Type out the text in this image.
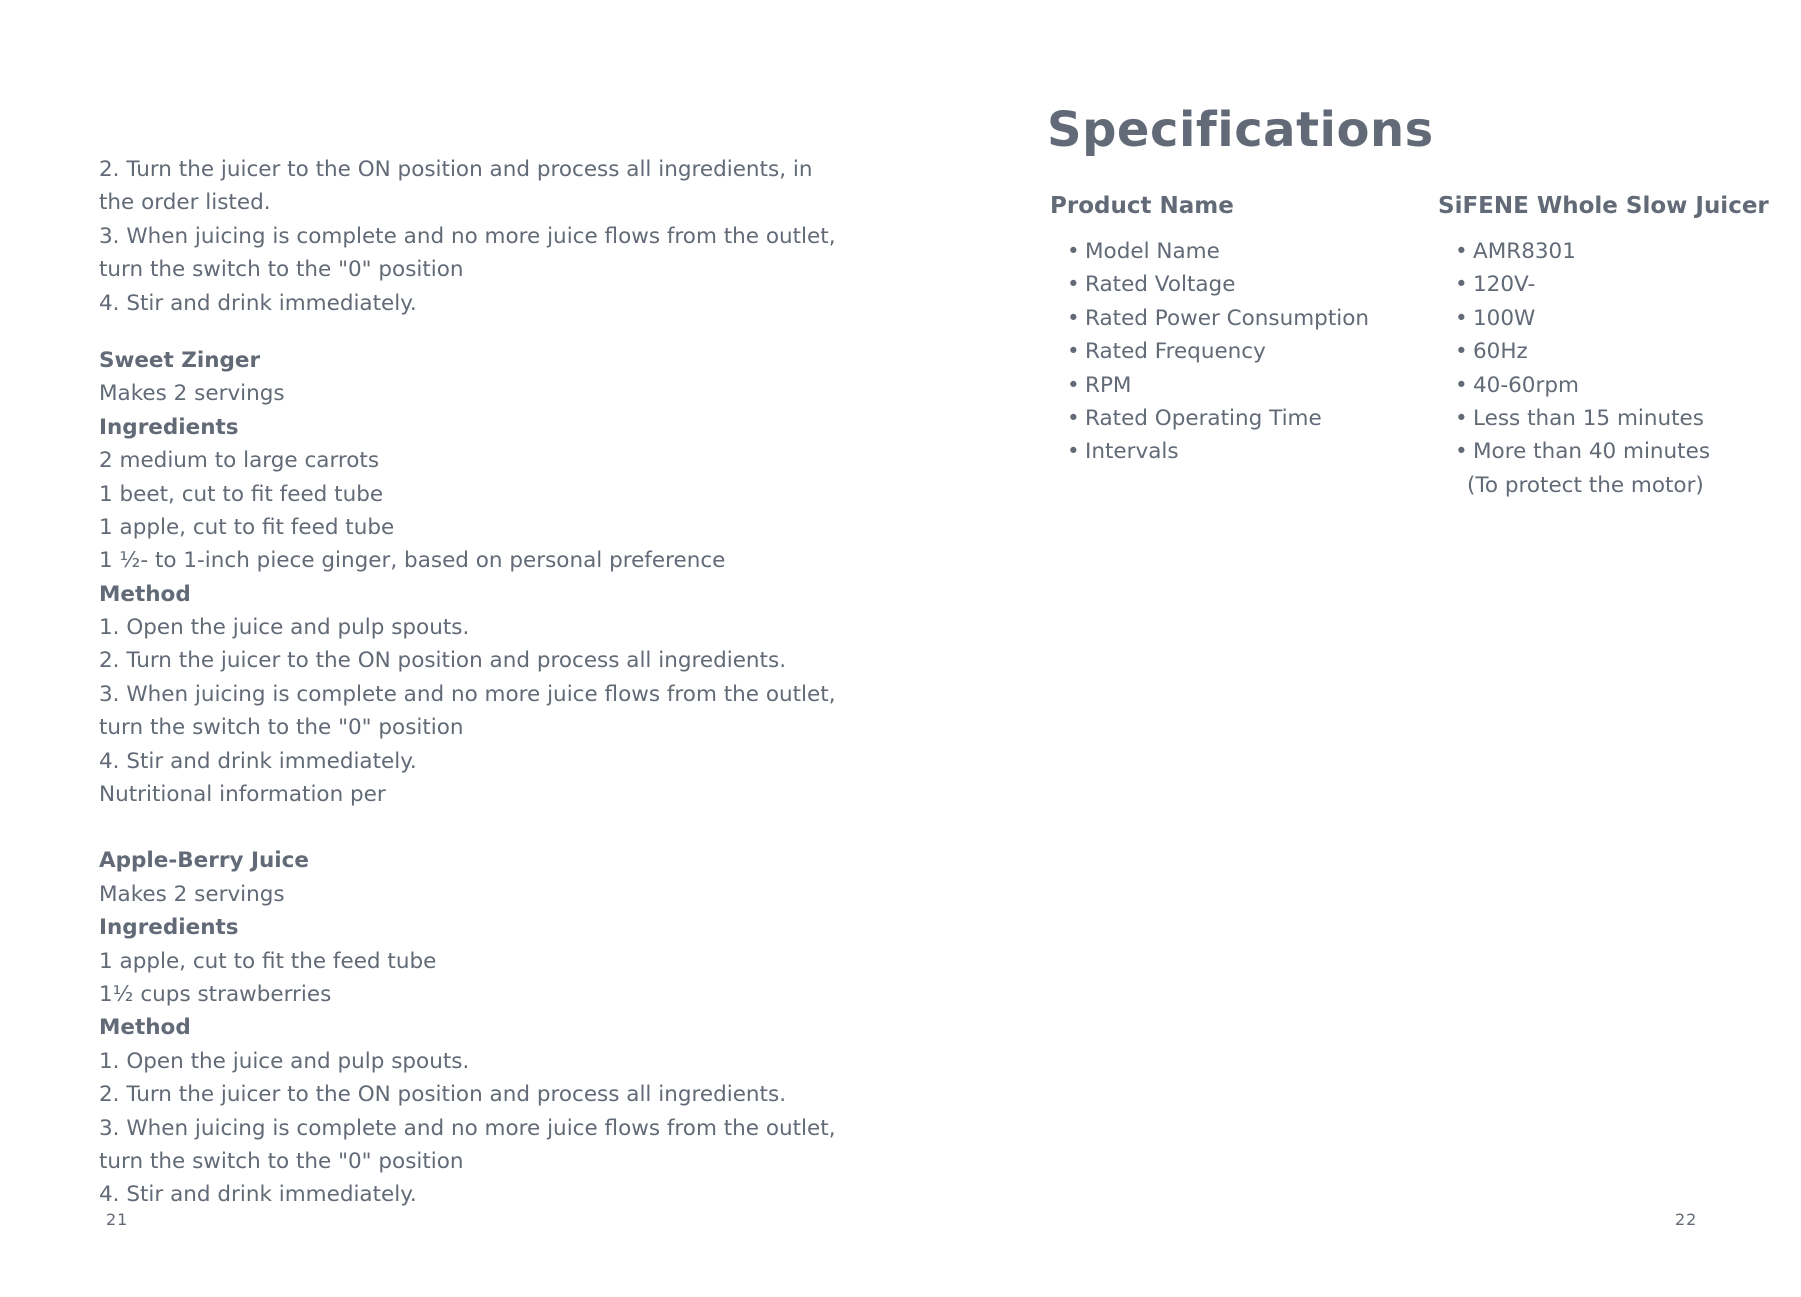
2. Turn the juicer to the ON position and process all ingredients, in
the order listed.
3. When juicing is complete and no more juice flows from the outlet,
turn the switch to the "0" position
4. Stir and drink immediately.
Sweet Zinger
Makes 2 servings
Ingredients
2 medium to large carrots
1 beet, cut to fit feed tube
1 apple, cut to fit feed tube
1 ½- to 1-inch piece ginger, based on personal preference
Method
1. Open the juice and pulp spouts.
2. Turn the juicer to the ON position and process all ingredients.
3. When juicing is complete and no more juice flows from the outlet,
turn the switch to the "0" position
4. Stir and drink immediately.
Nutritional information per
Apple-Berry Juice
Makes 2 servings
Ingredients
1 apple, cut to fit the feed tube
1½ cups strawberries
Method
1. Open the juice and pulp spouts.
2. Turn the juicer to the ON position and process all ingredients.
3. When juicing is complete and no more juice flows from the outlet,
turn the switch to the "0" position
4. Stir and drink immediately.
21
Specifications
Product Name
• Model Name
• Rated Voltage
• Rated Power Consumption
• Rated Frequency
• RPM
• Rated Operating Time
• Intervals
SiFENE Whole Slow Juicer
• AMR8301
• 120V-
• 100W
• 60Hz
• 40-60rpm
• Less than 15 minutes
• More than 40 minutes
(To protect the motor)
22
